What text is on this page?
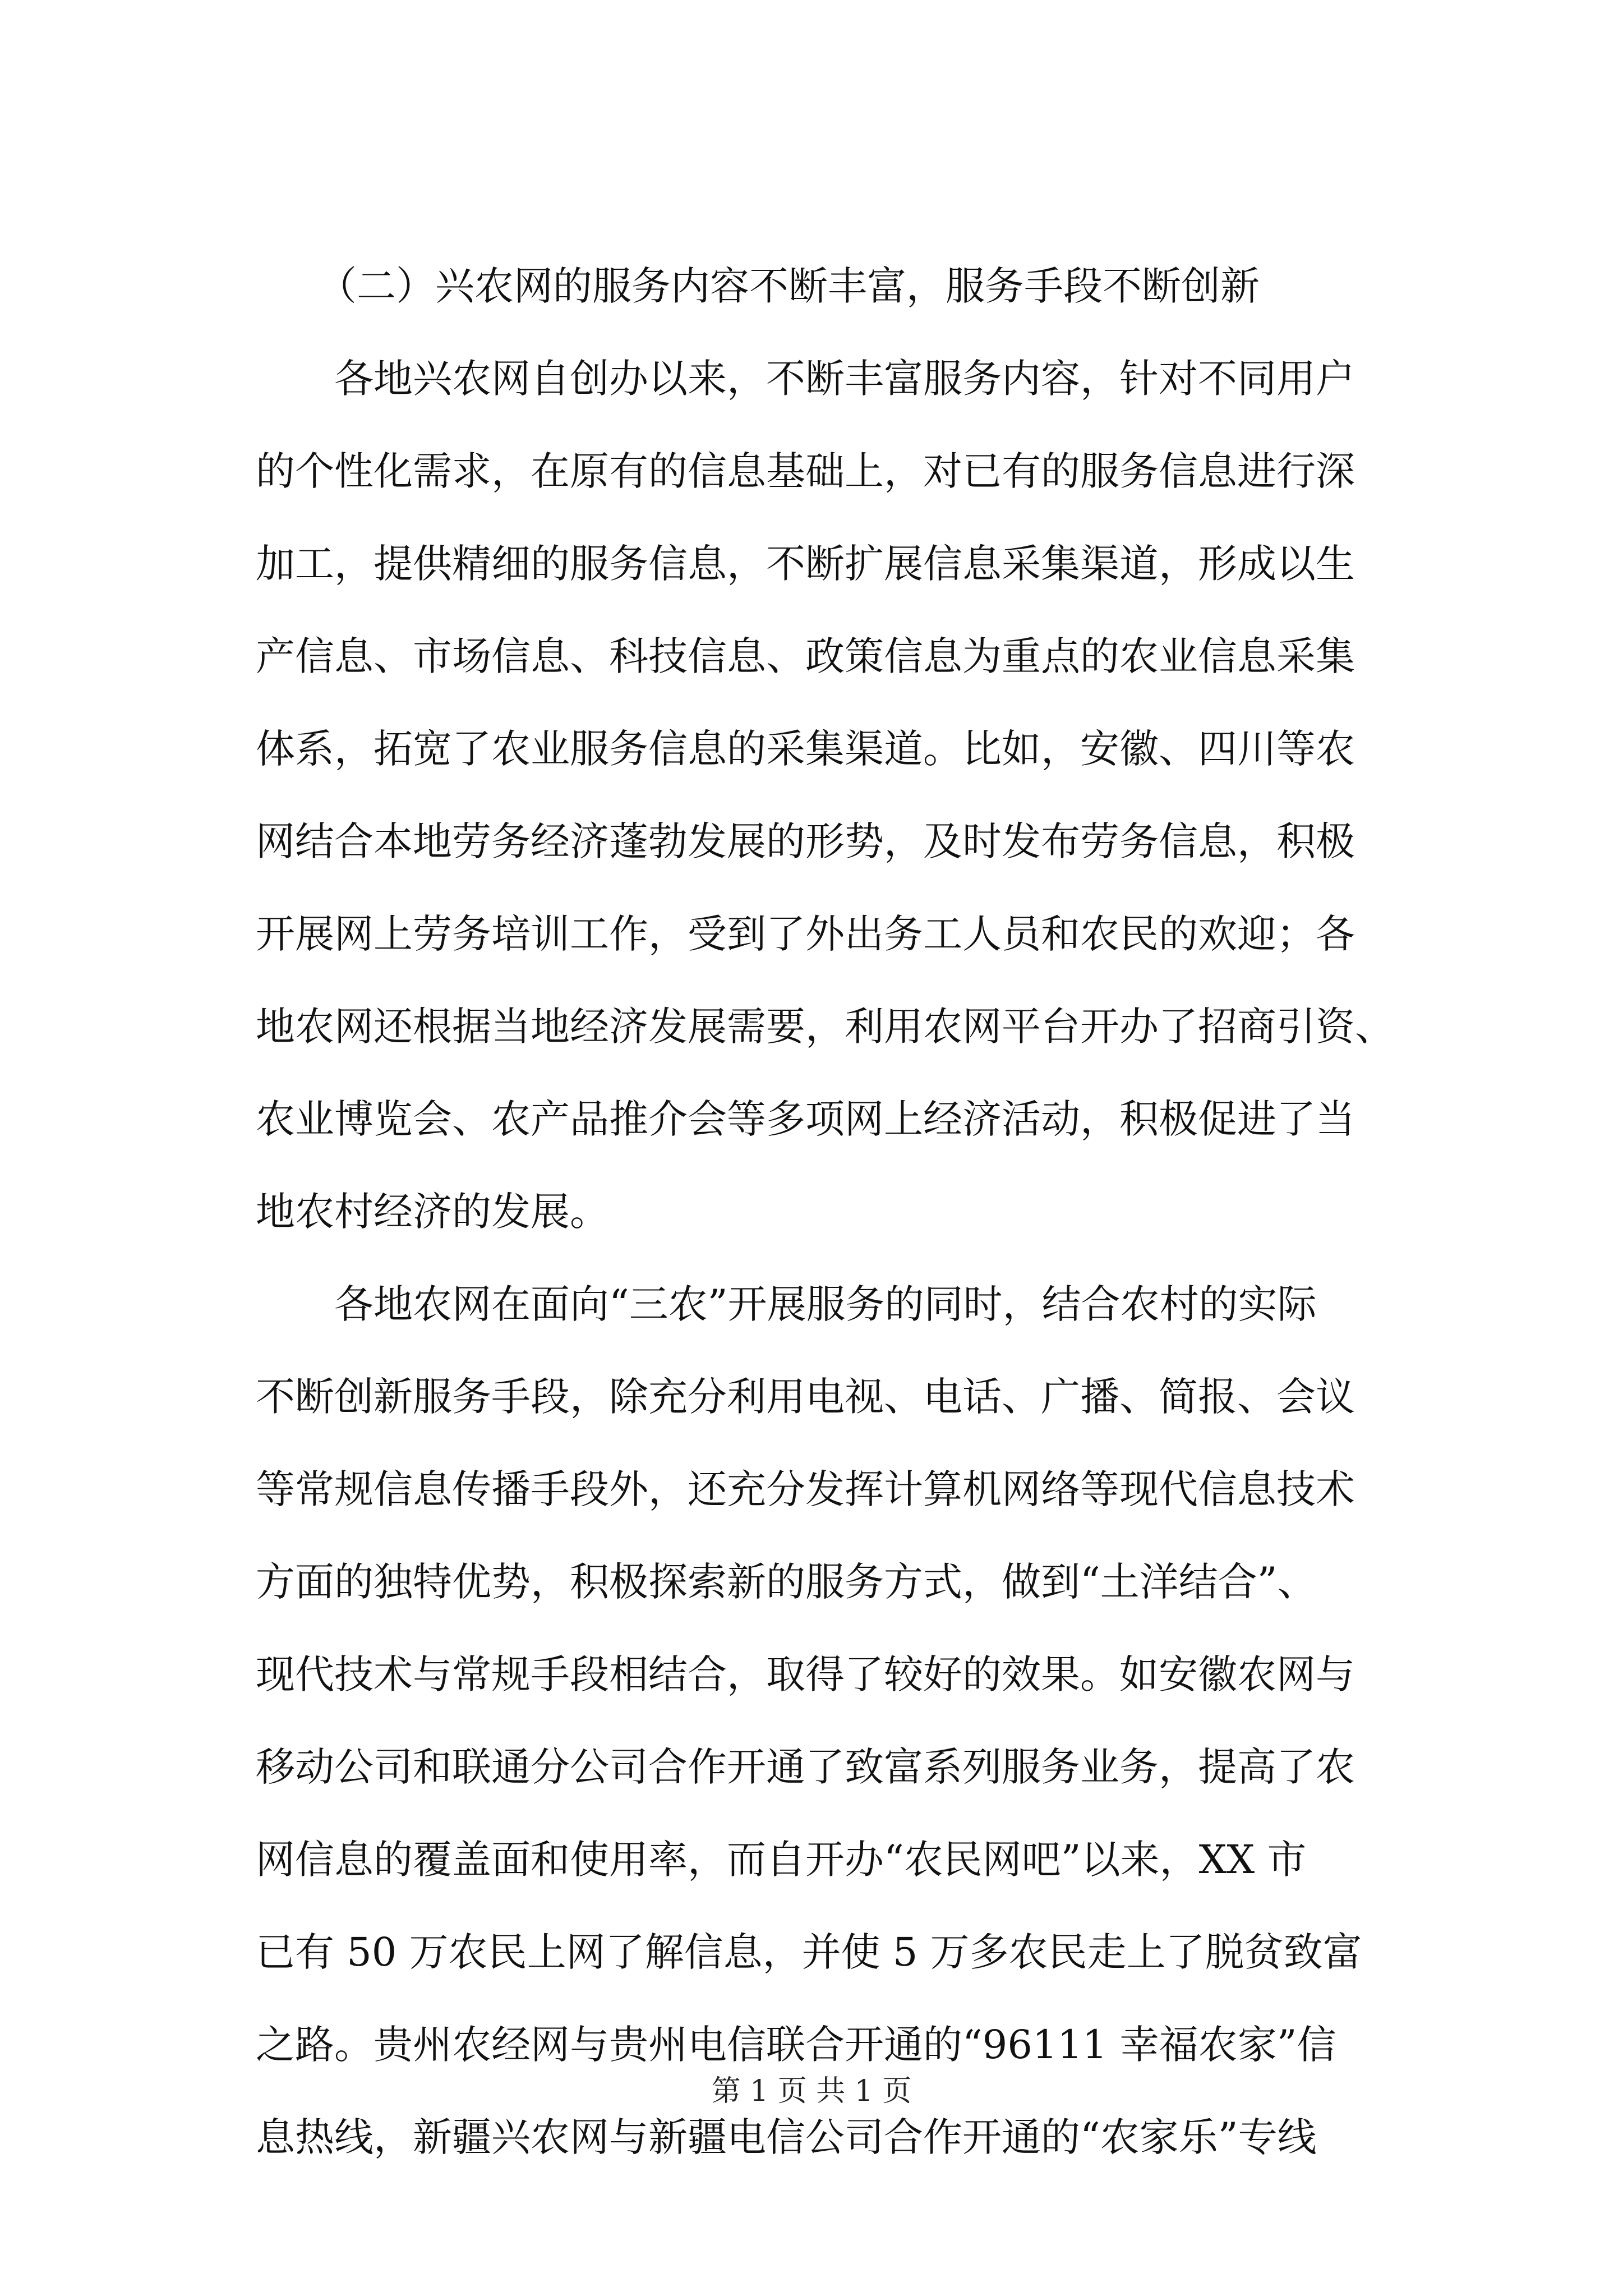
（二）兴农网的服务内容不断丰富，服务手段不断创新
各地兴农网自创办以来，不断丰富服务内容，针对不同用户
的个性化需求，在原有的信息基础上，对已有的服务信息进行深
加工，提供精细的服务信息，不断扩展信息采集渠道，形成以生
产信息、市场信息、科技信息、政策信息为重点的农业信息采集
体系，拓宽了农业服务信息的采集渠道。比如，安徽、四川等农
网结合本地劳务经济蓬勃发展的形势，及时发布劳务信息，积极
开展网上劳务培训工作，受到了外出务工人员和农民的欢迎；各
地农网还根据当地经济发展需要，利用农网平台开办了招商引资、
农业博览会、农产品推介会等多项网上经济活动，积极促进了当
地农村经济的发展。
各地农网在面向“三农”开展服务的同时，结合农村的实际
不断创新服务手段，除充分利用电视、电话、广播、简报、会议
等常规信息传播手段外，还充分发挥计算机网络等现代信息技术
方面的独特优势，积极探索新的服务方式，做到“土洋结合”、
现代技术与常规手段相结合，取得了较好的效果。如安徽农网与
移动公司和联通分公司合作开通了致富系列服务业务，提高了农
网信息的覆盖面和使用率，而自开办“农民网吧”以来，XX 市
已有 50 万农民上网了解信息，并使 5 万多农民走上了脱贫致富
之路。贵州农经网与贵州电信联合开通的“96111 幸福农家”信
息热线，新疆兴农网与新疆电信公司合作开通的“农家乐”专线
第 1 页 共 1 页
